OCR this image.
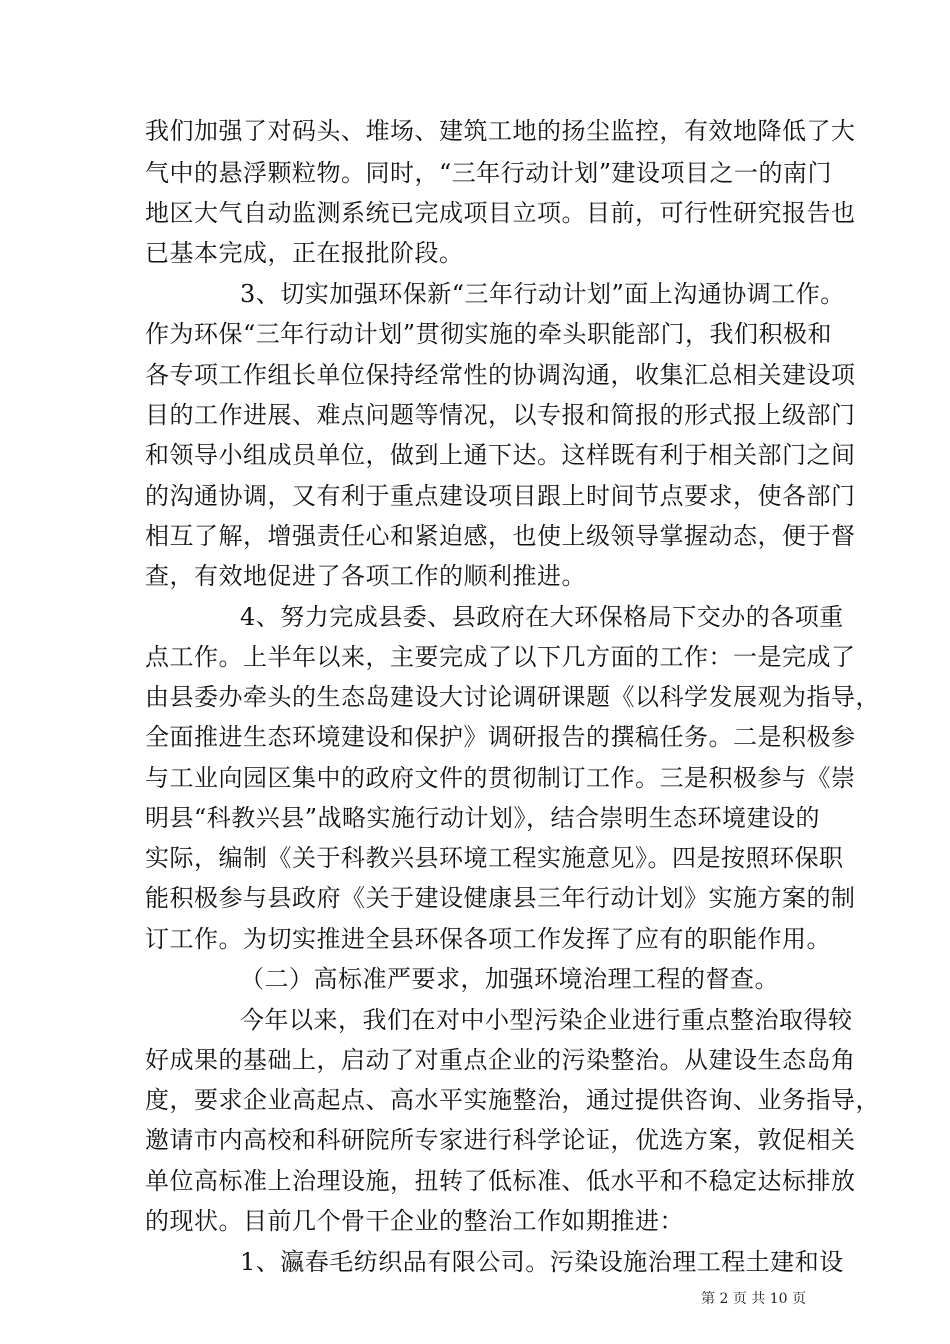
我们加强了对码头、堆场、建筑工地的扬尘监控，有效地降低了大
气中的悬浮颗粒物。同时，“三年行动计划”建设项目之一的南门
地区大气自动监测系统已完成项目立项。目前，可行性研究报告也
已基本完成，正在报批阶段。
3、切实加强环保新“三年行动计划”面上沟通协调工作。
作为环保“三年行动计划”贯彻实施的牵头职能部门，我们积极和
各专项工作组长单位保持经常性的协调沟通，收集汇总相关建设项
目的工作进展、难点问题等情况，以专报和简报的形式报上级部门
和领导小组成员单位，做到上通下达。这样既有利于相关部门之间
的沟通协调，又有利于重点建设项目跟上时间节点要求，使各部门
相互了解，增强责任心和紧迫感，也使上级领导掌握动态，便于督
查，有效地促进了各项工作的顺利推进。
4、努力完成县委、县政府在大环保格局下交办的各项重
点工作。上半年以来，主要完成了以下几方面的工作：一是完成了
由县委办牵头的生态岛建设大讨论调研课题《以科学发展观为指导，
全面推进生态环境建设和保护》调研报告的撰稿任务。二是积极参
与工业向园区集中的政府文件的贯彻制订工作。三是积极参与《崇
明县“科教兴县”战略实施行动计划》，结合崇明生态环境建设的
实际，编制《关于科教兴县环境工程实施意见》。四是按照环保职
能积极参与县政府《关于建设健康县三年行动计划》实施方案的制
订工作。为切实推进全县环保各项工作发挥了应有的职能作用。
（二）高标准严要求，加强环境治理工程的督查。
今年以来，我们在对中小型污染企业进行重点整治取得较
好成果的基础上，启动了对重点企业的污染整治。从建设生态岛角
度，要求企业高起点、高水平实施整治，通过提供咨询、业务指导，
邀请市内高校和科研院所专家进行科学论证，优选方案，敦促相关
单位高标准上治理设施，扭转了低标准、低水平和不稳定达标排放
的现状。目前几个骨干企业的整治工作如期推进：
1、瀛春毛纺织品有限公司。污染设施治理工程土建和设
第 2 页 共 10 页
